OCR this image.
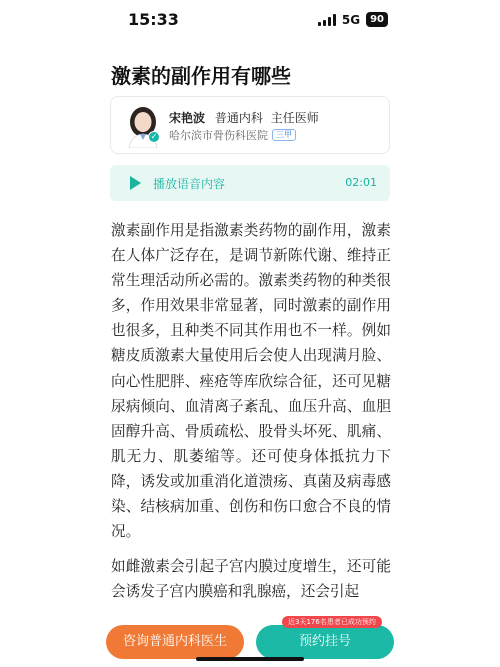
15:33	5G	90
激素的副作用有哪些
✓
宋艳波 普通内科 主任医师
哈尔滨市骨伤科医院	三甲
播放语音内容	02:01

激素副作用是指激素类药物的副作用，激素在人体广泛存在，是调节新陈代谢、维持正常生理活动所必需的。激素类药物的种类很多，作用效果非常显著，同时激素的副作用也很多，且种类不同其作用也不一样。例如糖皮质激素大量使用后会使人出现满月脸、向心性肥胖、痤疮等库欣综合征，还可见糖尿病倾向、血清离子紊乱、血压升高、血胆固醇升高、骨质疏松、股骨头坏死、肌痛、肌无力、肌萎缩等。还可使身体抵抗力下降，诱发或加重消化道溃疡、真菌及病毒感染、结核病加重、创伤和伤口愈合不良的情况。

如雌激素会引起子宫内膜过度增生，还可能会诱发子宫内膜癌和乳腺癌，还会引起

咨询普通内科医生	预约挂号
近3天176名患者已成功预约
